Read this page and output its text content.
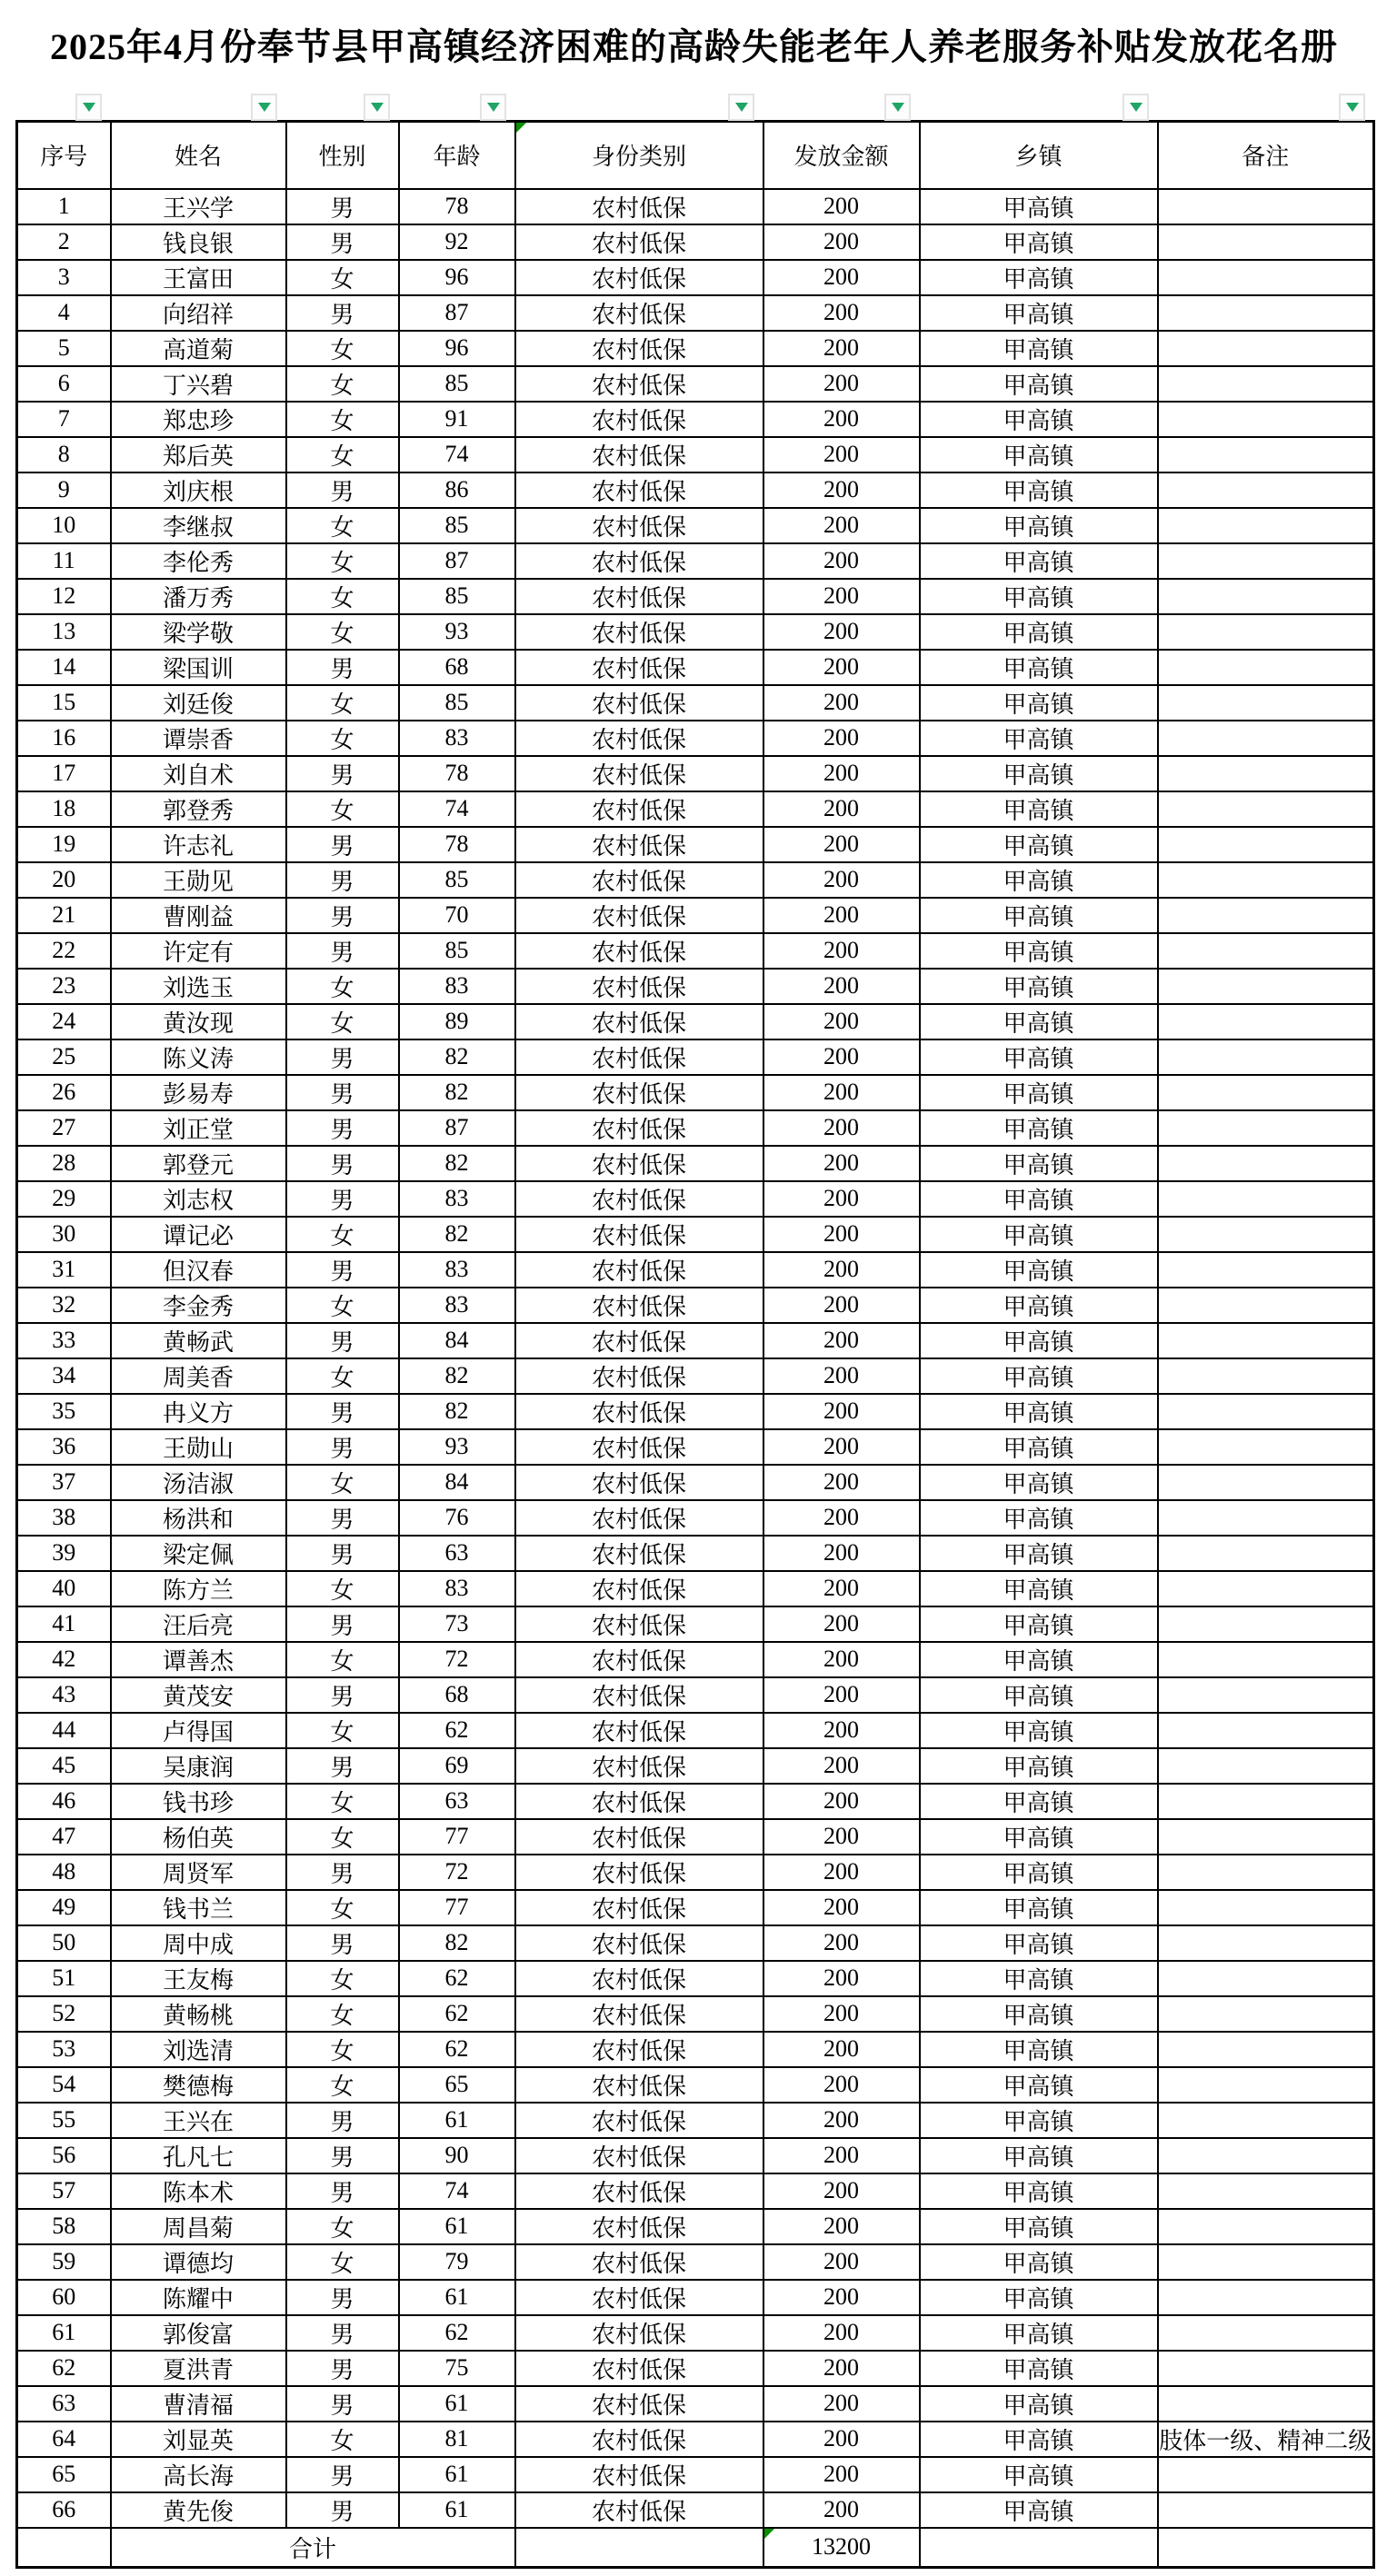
2025年4月份奉节县甲高镇经济困难的高龄失能老年人养老服务补贴发放花名册
序号	姓名	性别	年龄	身份类别	发放金额	乡镇	备注
1	王兴学	男	78	农村低保	200	甲高镇	
2	钱良银	男	92	农村低保	200	甲高镇	
3	王富田	女	96	农村低保	200	甲高镇	
4	向绍祥	男	87	农村低保	200	甲高镇	
5	高道菊	女	96	农村低保	200	甲高镇	
6	丁兴碧	女	85	农村低保	200	甲高镇	
7	郑忠珍	女	91	农村低保	200	甲高镇	
8	郑后英	女	74	农村低保	200	甲高镇	
9	刘庆根	男	86	农村低保	200	甲高镇	
10	李继叔	女	85	农村低保	200	甲高镇	
11	李伦秀	女	87	农村低保	200	甲高镇	
12	潘万秀	女	85	农村低保	200	甲高镇	
13	梁学敬	女	93	农村低保	200	甲高镇	
14	梁国训	男	68	农村低保	200	甲高镇	
15	刘廷俊	女	85	农村低保	200	甲高镇	
16	谭崇香	女	83	农村低保	200	甲高镇	
17	刘自术	男	78	农村低保	200	甲高镇	
18	郭登秀	女	74	农村低保	200	甲高镇	
19	许志礼	男	78	农村低保	200	甲高镇	
20	王勋见	男	85	农村低保	200	甲高镇	
21	曹刚益	男	70	农村低保	200	甲高镇	
22	许定有	男	85	农村低保	200	甲高镇	
23	刘选玉	女	83	农村低保	200	甲高镇	
24	黄汝现	女	89	农村低保	200	甲高镇	
25	陈义涛	男	82	农村低保	200	甲高镇	
26	彭易寿	男	82	农村低保	200	甲高镇	
27	刘正堂	男	87	农村低保	200	甲高镇	
28	郭登元	男	82	农村低保	200	甲高镇	
29	刘志权	男	83	农村低保	200	甲高镇	
30	谭记必	女	82	农村低保	200	甲高镇	
31	但汉春	男	83	农村低保	200	甲高镇	
32	李金秀	女	83	农村低保	200	甲高镇	
33	黄畅武	男	84	农村低保	200	甲高镇	
34	周美香	女	82	农村低保	200	甲高镇	
35	冉义方	男	82	农村低保	200	甲高镇	
36	王勋山	男	93	农村低保	200	甲高镇	
37	汤洁淑	女	84	农村低保	200	甲高镇	
38	杨洪和	男	76	农村低保	200	甲高镇	
39	梁定佩	男	63	农村低保	200	甲高镇	
40	陈方兰	女	83	农村低保	200	甲高镇	
41	汪后亮	男	73	农村低保	200	甲高镇	
42	谭善杰	女	72	农村低保	200	甲高镇	
43	黄茂安	男	68	农村低保	200	甲高镇	
44	卢得国	女	62	农村低保	200	甲高镇	
45	吴康润	男	69	农村低保	200	甲高镇	
46	钱书珍	女	63	农村低保	200	甲高镇	
47	杨伯英	女	77	农村低保	200	甲高镇	
48	周贤军	男	72	农村低保	200	甲高镇	
49	钱书兰	女	77	农村低保	200	甲高镇	
50	周中成	男	82	农村低保	200	甲高镇	
51	王友梅	女	62	农村低保	200	甲高镇	
52	黄畅桃	女	62	农村低保	200	甲高镇	
53	刘选清	女	62	农村低保	200	甲高镇	
54	樊德梅	女	65	农村低保	200	甲高镇	
55	王兴在	男	61	农村低保	200	甲高镇	
56	孔凡七	男	90	农村低保	200	甲高镇	
57	陈本术	男	74	农村低保	200	甲高镇	
58	周昌菊	女	61	农村低保	200	甲高镇	
59	谭德均	女	79	农村低保	200	甲高镇	
60	陈耀中	男	61	农村低保	200	甲高镇	
61	郭俊富	男	62	农村低保	200	甲高镇	
62	夏洪青	男	75	农村低保	200	甲高镇	
63	曹清福	男	61	农村低保	200	甲高镇	
64	刘显英	女	81	农村低保	200	甲高镇	肢体一级、精神二级
65	高长海	男	61	农村低保	200	甲高镇	
66	黄先俊	男	61	农村低保	200	甲高镇	
	合计				13200		
